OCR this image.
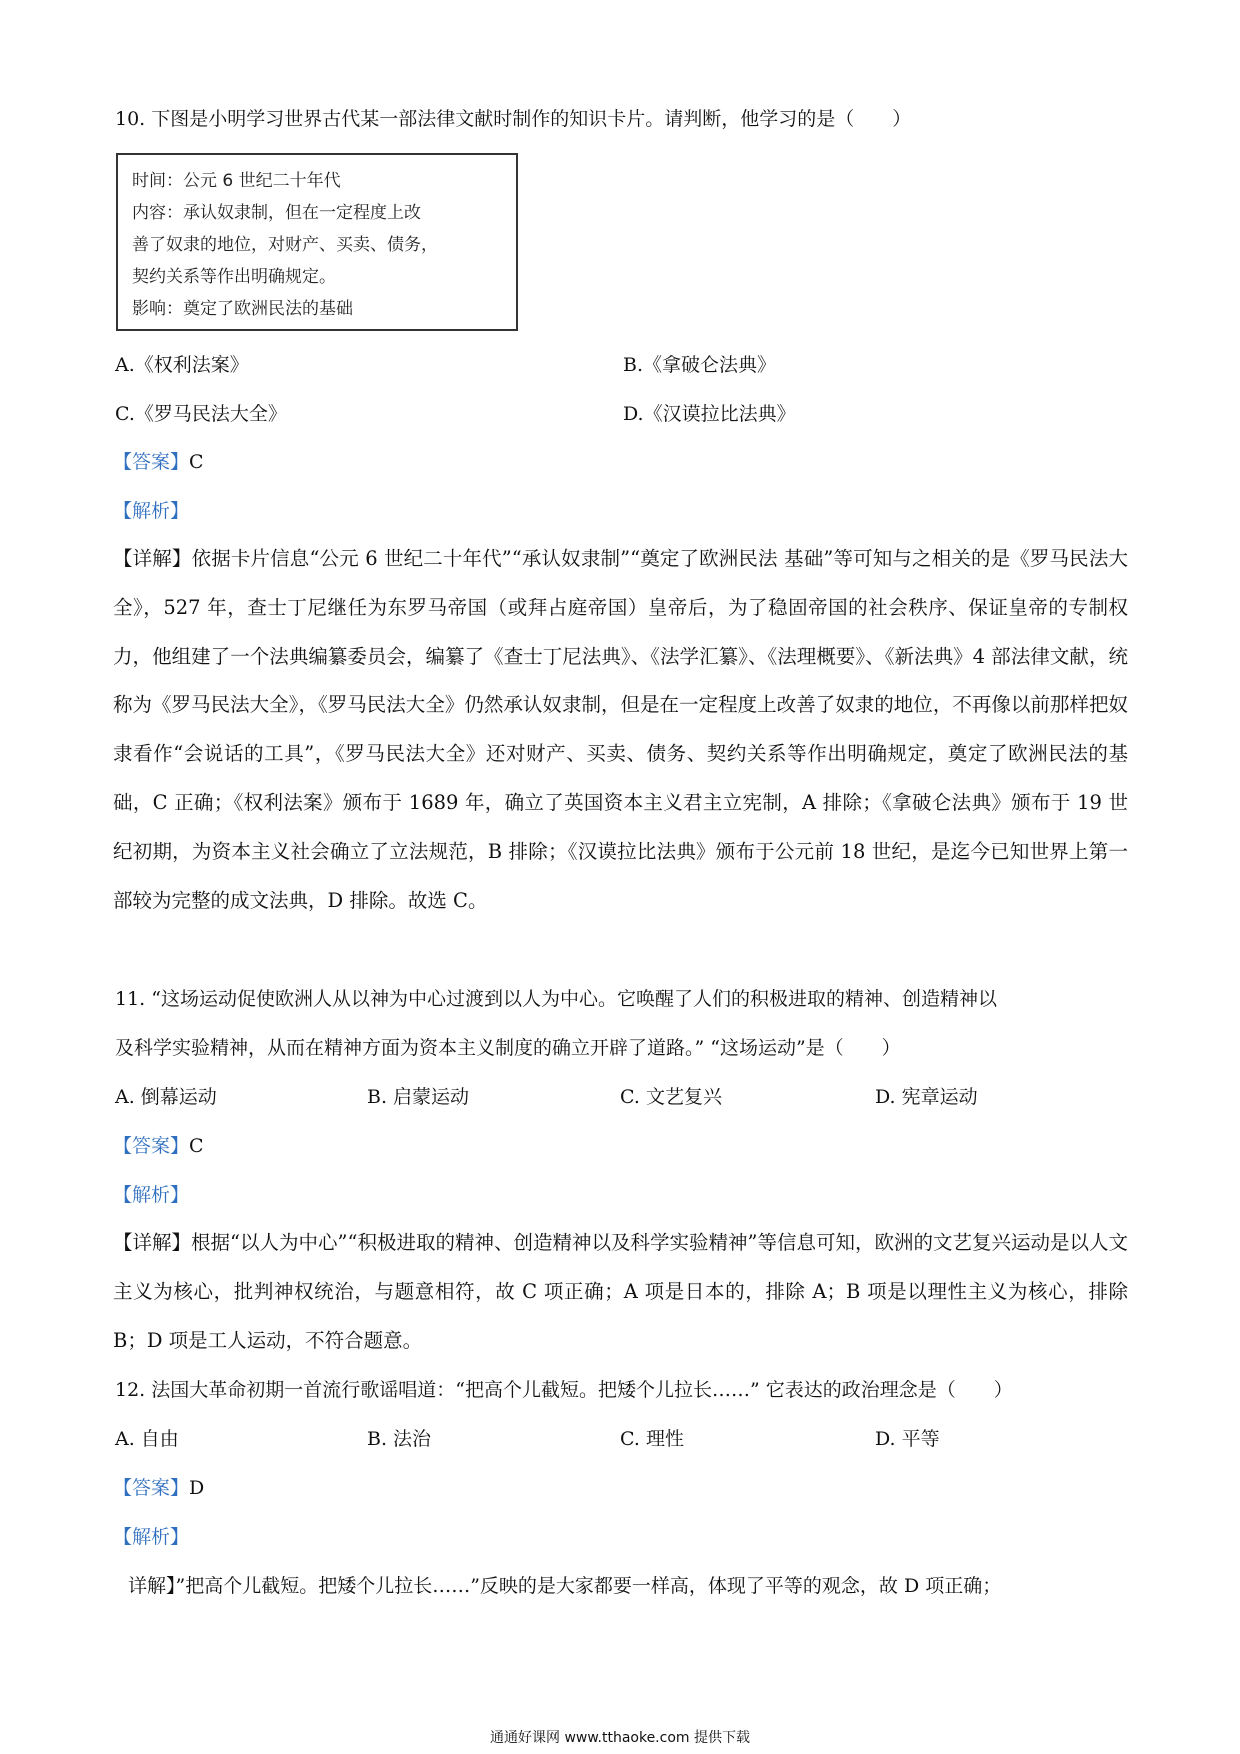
10. 下图是小明学习世界古代某一部法律文献时制作的知识卡片。请判断，他学习的是（　　）
时间：公元 6 世纪二十年代
内容：承认奴隶制，但在一定程度上改
善了奴隶的地位，对财产、买卖、债务，
契约关系等作出明确规定。
影响：奠定了欧洲民法的基础
A.《权利法案》	B.《拿破仑法典》
C.《罗马民法大全》	D.《汉谟拉比法典》
【答案】C
【解析】
【详解】依据卡片信息“公元 6 世纪二十年代”“承认奴隶制”“奠定了欧洲民法 基础”等可知与之相关的是《罗马民法大全》，527 年，查士丁尼继任为东罗马帝国（或拜占庭帝国）皇帝后，为了稳固帝国的社会秩序、保证皇帝的专制权力，他组建了一个法典编纂委员会，编纂了《查士丁尼法典》、《法学汇纂》、《法理概要》、《新法典》4 部法律文献，统称为《罗马民法大全》，《罗马民法大全》仍然承认奴隶制，但是在一定程度上改善了奴隶的地位，不再像以前那样把奴隶看作“会说话的工具”，《罗马民法大全》还对财产、买卖、债务、契约关系等作出明确规定，奠定了欧洲民法的基础，C 正确；《权利法案》颁布于 1689 年，确立了英国资本主义君主立宪制，A 排除；《拿破仑法典》颁布于 19 世纪初期，为资本主义社会确立了立法规范，B 排除；《汉谟拉比法典》颁布于公元前 18 世纪，是迄今已知世界上第一部较为完整的成文法典，D 排除。故选 C。
11. “这场运动促使欧洲人从以神为中心过渡到以人为中心。它唤醒了人们的积极进取的精神、创造精神以
及科学实验精神，从而在精神方面为资本主义制度的确立开辟了道路。” “这场运动”是（　　）
A. 倒幕运动	B. 启蒙运动	C. 文艺复兴	D. 宪章运动
【答案】C
【解析】
【详解】根据“以人为中心”“积极进取的精神、创造精神以及科学实验精神”等信息可知，欧洲的文艺复兴运动是以人文主义为核心，批判神权统治，与题意相符，故 C 项正确；A 项是日本的，排除 A；B 项是以理性主义为核心，排除 B；D 项是工人运动，不符合题意。
12. 法国大革命初期一首流行歌谣唱道：“把高个儿截短。把矮个儿拉长……” 它表达的政治理念是（　　）
A. 自由	B. 法治	C. 理性	D. 平等
【答案】D
【解析】
详解】”把高个儿截短。把矮个儿拉长……”反映的是大家都要一样高，体现了平等的观念，故 D 项正确；
通通好课网 www.tthaoke.com 提供下载
